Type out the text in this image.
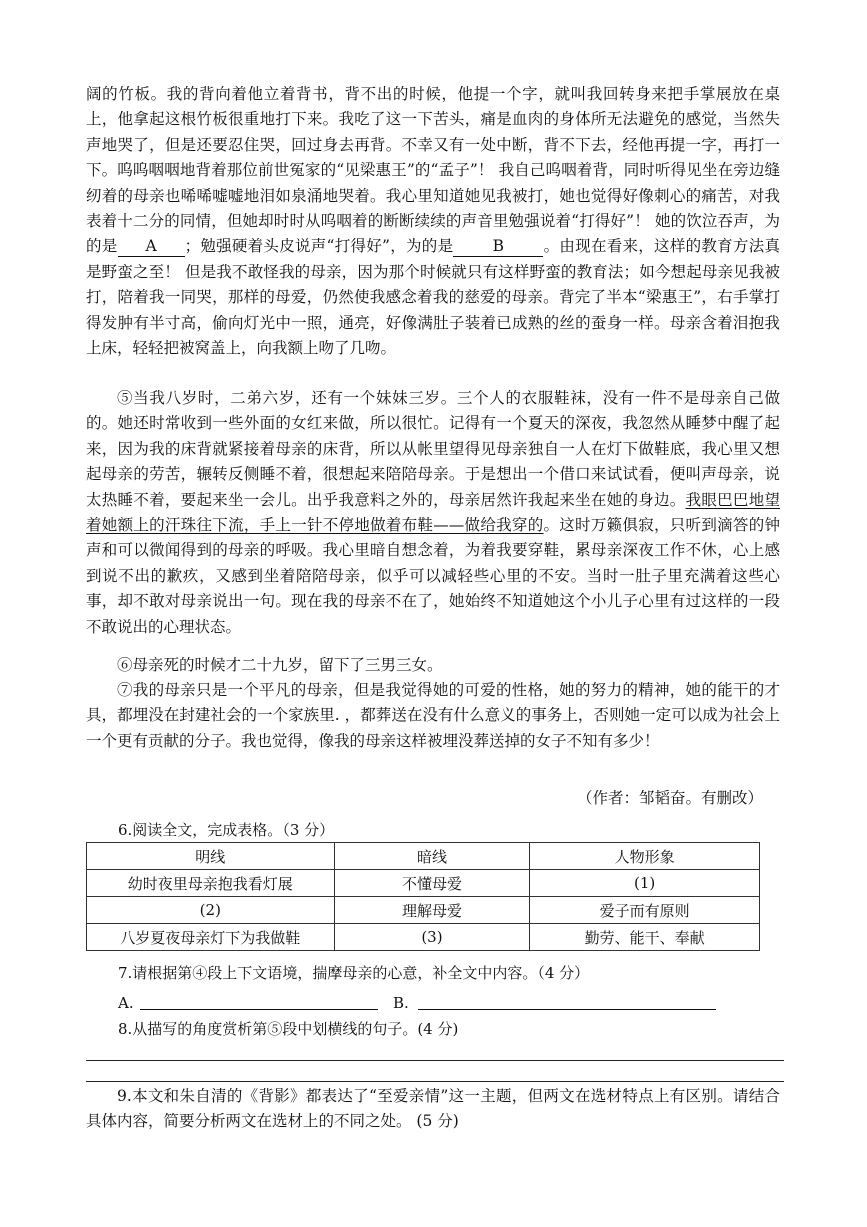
阔的竹板。我的背向着他立着背书，背不出的时候，他提一个字，就叫我回转身来把手掌展放在桌上，他拿起这根竹板很重地打下来。我吃了这一下苦头，痛是血肉的身体所无法避免的感觉，当然失声地哭了，但是还要忍住哭，回过身去再背。不幸又有一处中断，背不下去，经他再提一字，再打一下。呜呜咽咽地背着那位前世冤家的“见梁惠王”的“孟子”！ 我自己呜咽着背，同时听得见坐在旁边缝纫着的母亲也唏唏嘘嘘地泪如泉涌地哭着。我心里知道她见我被打，她也觉得好像刺心的痛苦，对我表着十二分的同情，但她却时时从呜咽着的断断续续的声音里勉强说着“打得好”！ 她的饮泣吞声，为的是 A ；勉强硬着头皮说声“打得好”，为的是	B	。由现在看来，这样的教育方法真是野蛮之至！ 但是我不敢怪我的母亲，因为那个时候就只有这样野蛮的教育法；如今想起母亲见我被打，陪着我一同哭，那样的母爱，仍然使我感念着我的慈爱的母亲。背完了半本“梁惠王”，右手掌打得发肿有半寸高，偷向灯光中一照，通亮，好像满肚子装着已成熟的丝的蚕身一样。母亲含着泪抱我上床，轻轻把被窝盖上，向我额上吻了几吻。

⑤当我八岁时，二弟六岁，还有一个妹妹三岁。三个人的衣服鞋袜，没有一件不是母亲自己做的。她还时常收到一些外面的女红来做，所以很忙。记得有一个夏天的深夜，我忽然从睡梦中醒了起来，因为我的床背就紧接着母亲的床背，所以从帐里望得见母亲独自一人在灯下做鞋底，我心里又想起母亲的劳苦，辗转反侧睡不着，很想起来陪陪母亲。于是想出一个借口来试试看，便叫声母亲，说太热睡不着，要起来坐一会儿。出乎我意料之外的，母亲居然许我起来坐在她的身边。我眼巴巴地望着她额上的汗珠往下流，手上一针不停地做着布鞋——做给我穿的。这时万籁俱寂，只听到滴答的钟声和可以微闻得到的母亲的呼吸。我心里暗自想念着，为着我要穿鞋，累母亲深夜工作不休，心上感到说不出的歉疚，又感到坐着陪陪母亲，似乎可以减轻些心里的不安。当时一肚子里充满着这些心事，却不敢对母亲说出一句。现在我的母亲不在了，她始终不知道她这个小儿子心里有过这样的一段不敢说出的心理状态。

⑥母亲死的时候才二十九岁，留下了三男三女。

⑦我的母亲只是一个平凡的母亲，但是我觉得她的可爱的性格，她的努力的精神，她的能干的才具，都埋没在封建社会的一个家族里. ，都葬送在没有什么意义的事务上，否则她一定可以成为社会上一个更有贡献的分子。我也觉得，像我的母亲这样被埋没葬送掉的女子不知有多少！

（作者：邹韬奋。有删改）
6.阅读全文，完成表格。（3 分）
明线	暗线	人物形象
幼时夜里母亲抱我看灯展	不懂母爱	(1)
(2)	理解母爱	爱子而有原则
八岁夏夜母亲灯下为我做鞋	(3)	勤劳、能干、奉献
7.请根据第④段上下文语境，揣摩母亲的心意，补全文中内容。（4 分）
A.	B.
8.从描写的角度赏析第⑤段中划横线的句子。(4 分)

9.本文和朱自清的《背影》都表达了“至爱亲情”这一主题，但两文在选材特点上有区别。请结合具体内容，简要分析两文在选材上的不同之处。 (5 分)
